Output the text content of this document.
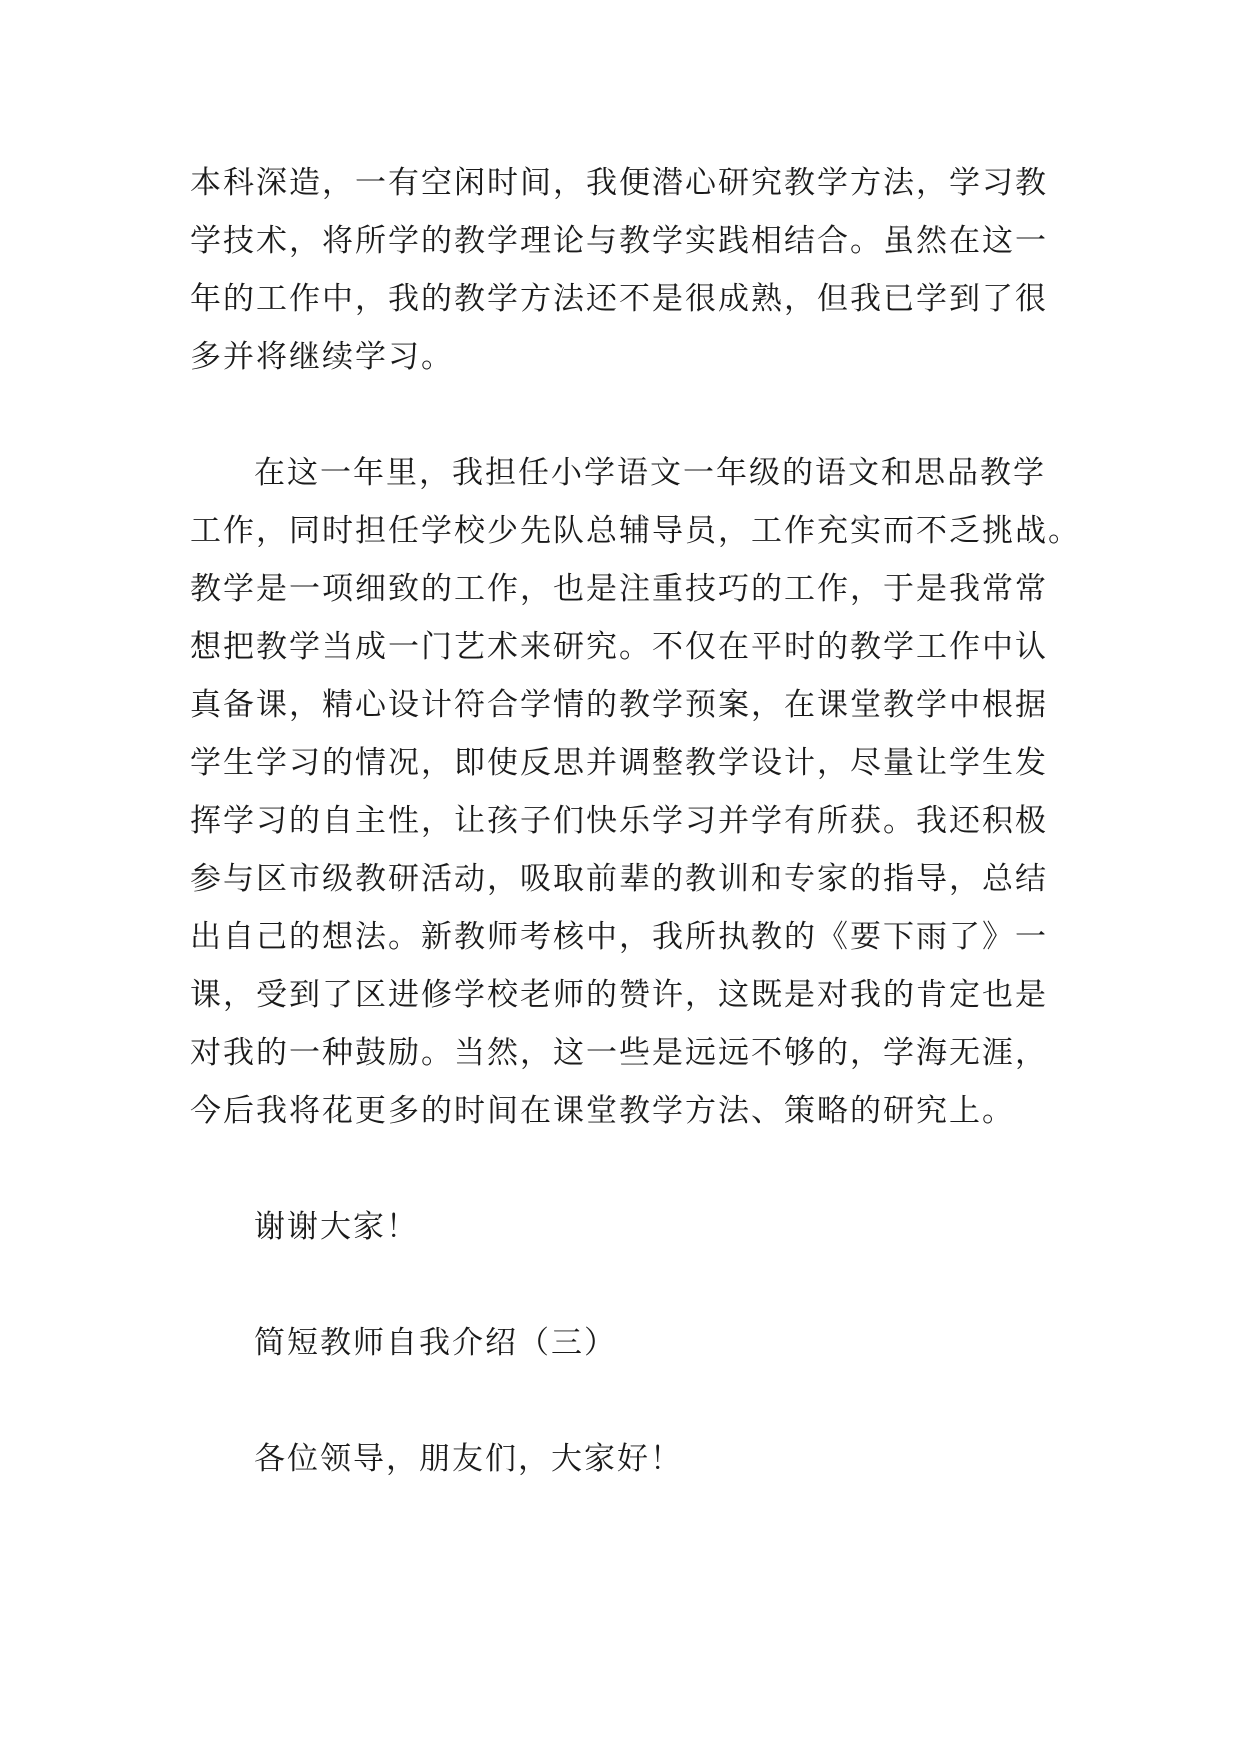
本科深造，一有空闲时间，我便潜心研究教学方法，学习教
学技术，将所学的教学理论与教学实践相结合。虽然在这一
年的工作中，我的教学方法还不是很成熟，但我已学到了很
多并将继续学习。
在这一年里，我担任小学语文一年级的语文和思品教学
工作，同时担任学校少先队总辅导员，工作充实而不乏挑战。
教学是一项细致的工作，也是注重技巧的工作，于是我常常
想把教学当成一门艺术来研究。不仅在平时的教学工作中认
真备课，精心设计符合学情的教学预案，在课堂教学中根据
学生学习的情况，即使反思并调整教学设计，尽量让学生发
挥学习的自主性，让孩子们快乐学习并学有所获。我还积极
参与区市级教研活动，吸取前辈的教训和专家的指导，总结
出自己的想法。新教师考核中，我所执教的《要下雨了》一
课，受到了区进修学校老师的赞许，这既是对我的肯定也是
对我的一种鼓励。当然，这一些是远远不够的，学海无涯，
今后我将花更多的时间在课堂教学方法、策略的研究上。
谢谢大家！
简短教师自我介绍（三）
各位领导，朋友们，大家好！
